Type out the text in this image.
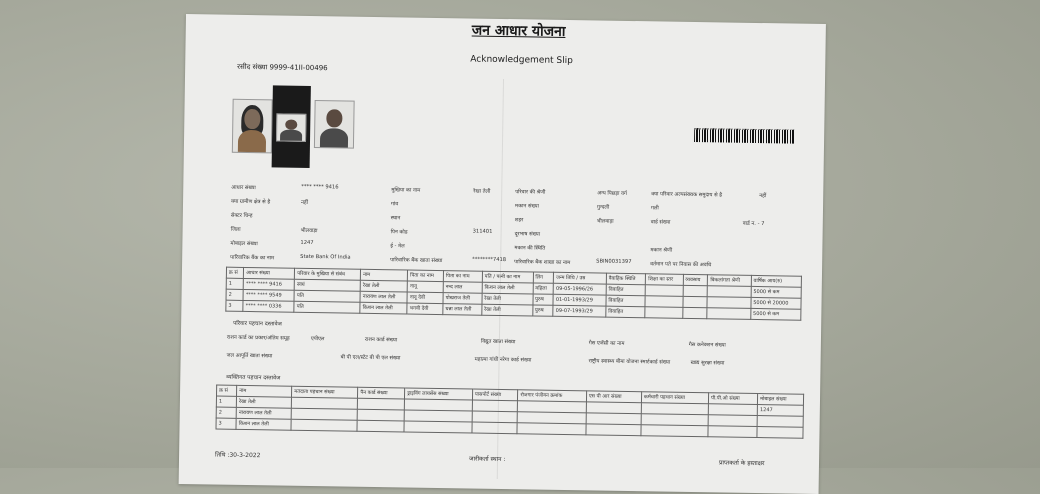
जन आधार योजना
Acknowledgement Slip
रसीद संख्या 9999-41II-00496
आधार संख्या	**** **** 9416
मुखिया का नाम	रेखा तेली	परिवार की श्रेणी	अन्य पिछड़ा वर्ग	क्या परिवार अल्पसंख्यक समुदाय से है	नहीं
क्या ग्रामीण क्षेत्र से है	नहीं	गांव	मकान संख्या	गुन्दली	गली
सेक्टर चिन्ह	स्थान	शहर	भीलवाड़ा	वार्ड संख्या	वार्ड न. - 7
जिला	भीलवाड़ा	पिन कोड	311401	दूरभाष संख्या
मोबाइल संख्या	1247
ई - मेल	मकान की स्थिति	मकान श्रेणी
पारिवारिक बैंक का नाम	State Bank Of India
पारिवारिक बैंक खाता संख्या	********7418 पारिवारिक बैंक शाखा का नाम	SBIN0031397	वर्तमान पते पर निवास की अवधि
क्र सं	आधार संख्या	परिवार के मुखिया से संबंध	नाम	पिता का नाम	पिता का नाम	पति / पत्नी का नाम	लिंग	जन्म तिथि / उम्र	वैवाहिक स्थिति	शिक्षा का स्तर	व्यवसाय	विकलांगता श्रेणी	वार्षिक आय(रु)
1	**** **** 9416	स्वयं	रेखा तेली	नानू	नन्द लाल	किशन लाल तेली	महिला	09-05-1996/26	विवाहित				5000 से कम
2	**** **** 9549	पति	नारायण लाल तेली	नानू देवी	पोखराज तेली	रेखा तेली	पुरुष	01-01-1993/29	विवाहित				5000 से 20000
3	**** **** 0336	पति	किशन लाल तेली	भगवी देवी	धन्ना लाल तेली	रेखा तेली	पुरुष	09-07-1993/29	विवाहित				5000 से कम
परिवार पहचान दस्तावेज
राशन कार्ड का प्रकार/अंतिम समूह	एपीएल	राशन कार्ड संख्या	विद्युत खाता संख्या	गैस एजेंसी का नाम	गैस कनेक्शन संख्या
जल आपूर्ति खाता संख्या	बी पी एल/स्टेट बी पी एल संख्या	महात्मा गांधी नरेगा कार्ड संख्या	राष्ट्रीय स्वास्थ्य बीमा योजना स्मार्टकार्ड संख्या	खाद्य सुरक्षा संख्या
व्यक्तिगत पहचान दस्तावेज
क्र सं	नाम	मतदाता पहचान संख्या	पैन कार्ड संख्या	ड्राइविंग लायसेंस संख्या	पासपोर्ट संख्या	रोजगार पंजीयन क्रमांक	एस पी आर संख्या	कर्मचारी पहचान संख्या	पी.पी.ओ संख्या	मोबाइल संख्या
1	रेखा तेली									1247
2	नारायण लाल तेली									
3	किशन लाल तेली									
तिथि :30-3-2022
जारीकर्ता स्थान :
प्राप्तकर्ता के हस्ताक्षर
